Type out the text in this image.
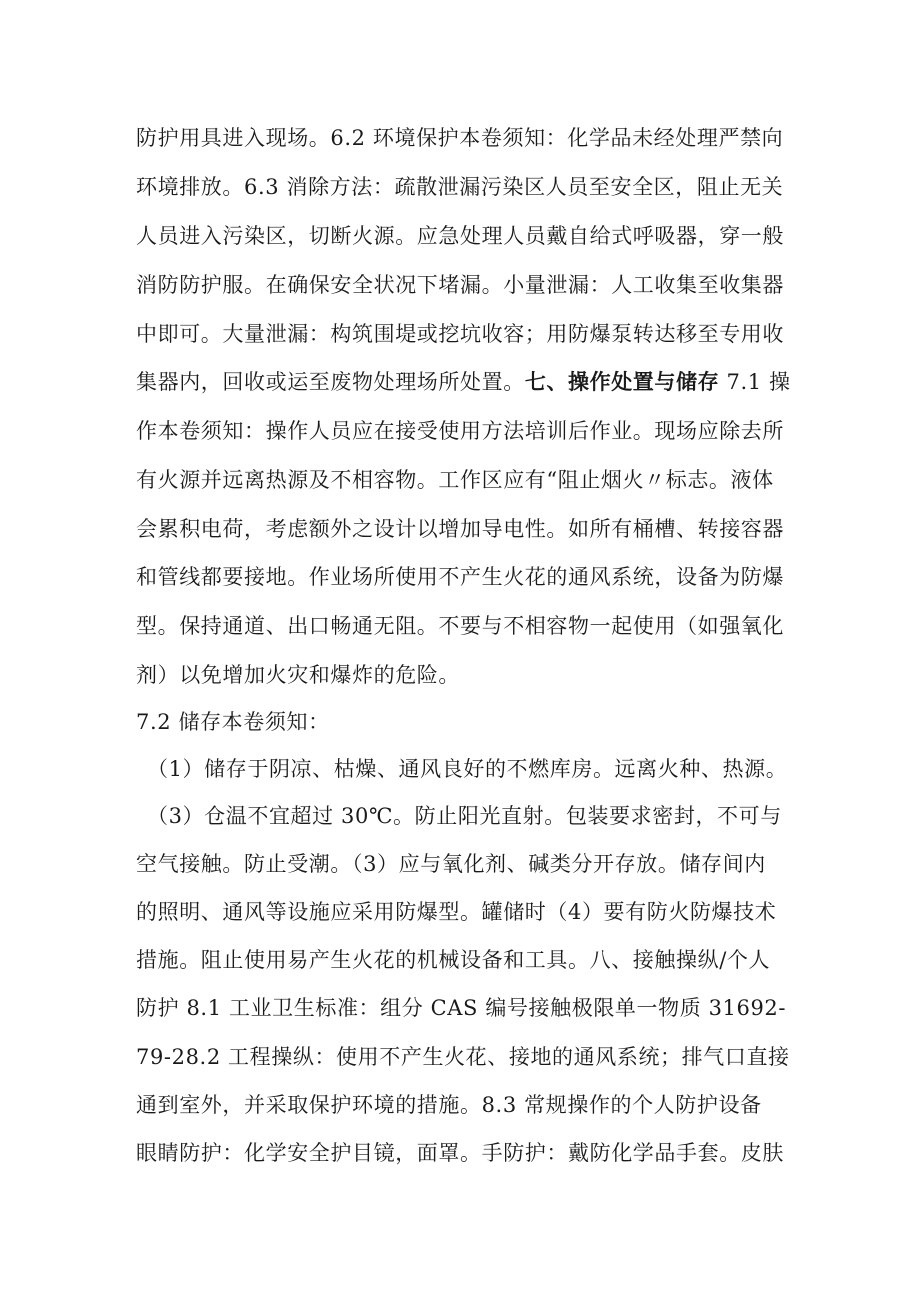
防护用具进入现场。6.2 环境保护本卷须知：化学品未经处理严禁向
环境排放。6.3 消除方法：疏散泄漏污染区人员至安全区，阻止无关
人员进入污染区，切断火源。应急处理人员戴自给式呼吸器，穿一般
消防防护服。在确保安全状况下堵漏。小量泄漏：人工收集至收集器
中即可。大量泄漏：构筑围堤或挖坑收容；用防爆泵转达移至专用收
集器内，回收或运至废物处理场所处置。七、操作处置与储存 7.1 操
作本卷须知：操作人员应在接受使用方法培训后作业。现场应除去所
有火源并远离热源及不相容物。工作区应有“阻止烟火〃标志。液体
会累积电荷，考虑额外之设计以增加导电性。如所有桶槽、转接容器
和管线都要接地。作业场所使用不产生火花的通风系统，设备为防爆
型。保持通道、出口畅通无阻。不要与不相容物一起使用（如强氧化
剂）以免增加火灾和爆炸的危险。
7.2 储存本卷须知：
（1）储存于阴凉、枯燥、通风良好的不燃库房。远离火种、热源。
（3）仓温不宜超过 30℃。防止阳光直射。包装要求密封，不可与
空气接触。防止受潮。（3）应与氧化剂、碱类分开存放。储存间内
的照明、通风等设施应采用防爆型。罐储时（4）要有防火防爆技术
措施。阻止使用易产生火花的机械设备和工具。八、接触操纵/个人
防护 8.1 工业卫生标准：组分 CAS 编号接触极限单一物质 31692-
79-28.2 工程操纵：使用不产生火花、接地的通风系统；排气口直接
通到室外，并采取保护环境的措施。8.3 常规操作的个人防护设备
眼睛防护：化学安全护目镜，面罩。手防护：戴防化学品手套。皮肤
